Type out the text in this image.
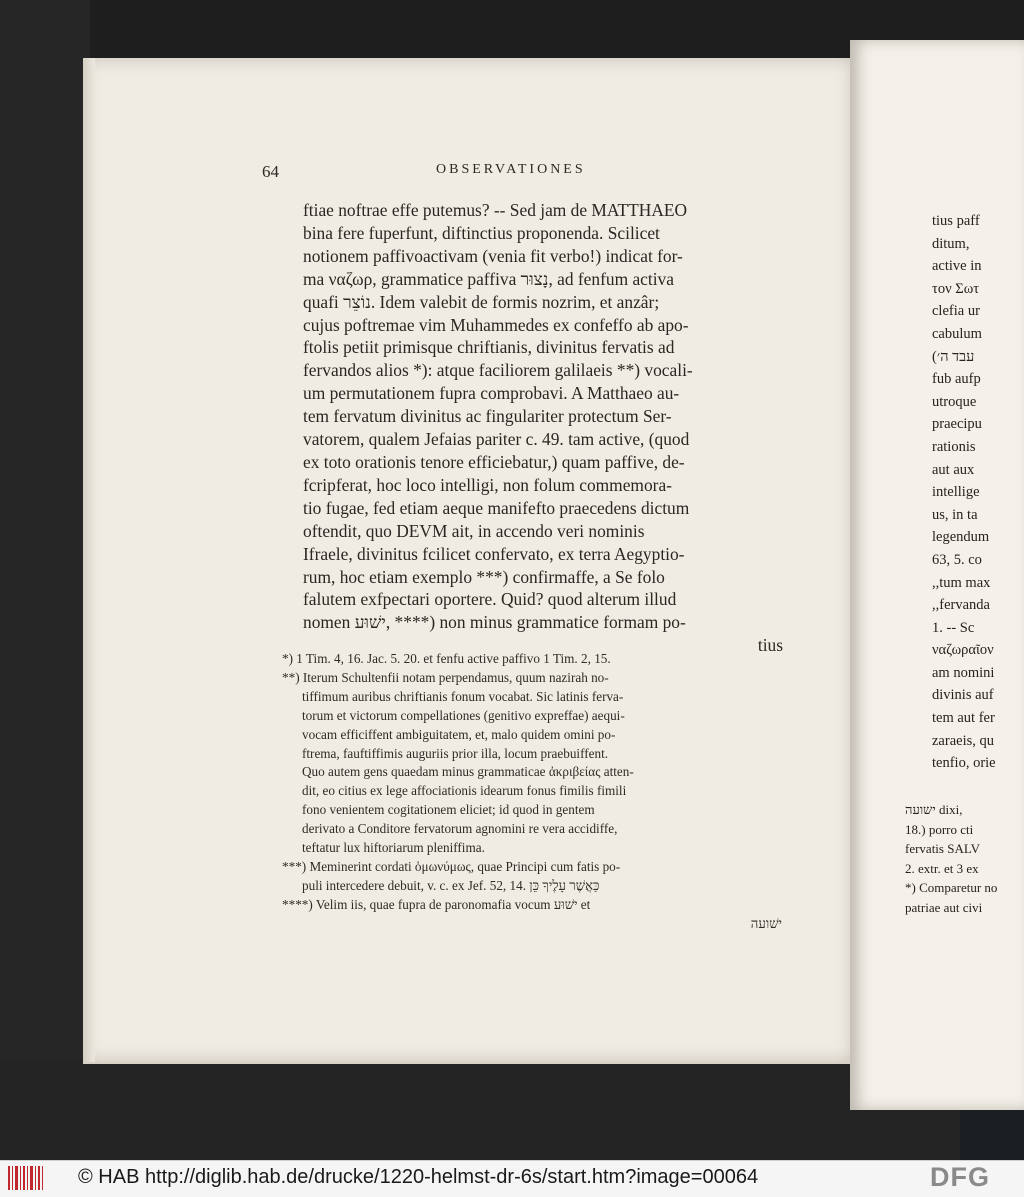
64	OBSERVATIONES
ftiae noftrae effe putemus? -- Sed jam de MATTHAEO
bina fere fuperfunt, diftinctius proponenda. Scilicet
notionem paffivoactivam (venia fit verbo!) indicat for-
ma ναζωρ, grammatice paffiva נָצוּר, ad fenfum activa
quafi נוֹצֵר. Idem valebit de formis nozrim, et anzâr;
cujus poftremae vim Muhammedes ex confeffo ab apo-
ftolis petiit primisque chriftianis, divinitus fervatis ad
fervandos alios *): atque faciliorem galilaeis **) vocali-
um permutationem fupra comprobavi. A Matthaeo au-
tem fervatum divinitus ac fingulariter protectum Ser-
vatorem, qualem Jefaias pariter c. 49. tam active, (quod
ex toto orationis tenore efficiebatur,) quam paffive, de-
fcripferat, hoc loco intelligi, non folum commemora-
tio fugae, fed etiam aeque manifefto praecedens dictum
oftendit, quo DEVM ait, in accendo veri nominis
Ifraele, divinitus fcilicet confervato, ex terra Aegyptio-
rum, hoc etiam exemplo ***) confirmaffe, a Se folo
falutem exfpectari oportere. Quid? quod alterum illud
nomen ישׁוּע, ****) non minus grammatice formam po-
tius
*) 1 Tim. 4, 16. Jac. 5. 20. et fenfu active paffivo 1 Tim. 2, 15.
**) Iterum Schultenfii notam perpendamus, quum nazirah no-
tiffimum auribus chriftianis fonum vocabat. Sic latinis ferva-
torum et victorum compellationes (genitivo expreffae) aequi-
vocam efficiffent ambiguitatem, et, malo quidem omini po-
ftrema, fauftiffimis auguriis prior illa, locum praebuiffent.
Quo autem gens quaedam minus grammaticae ἀκριβείας atten-
dit, eo citius ex lege affociationis idearum fonus fimilis fimili
fono venientem cogitationem eliciet; id quod in gentem
derivato a Conditore fervatorum agnomini re vera accidiffe,
teftatur lux hiftoriarum pleniffima.
***) Meminerint cordati ὁμωνύμως, quae Principi cum fatis po-
puli intercedere debuit, v. c. ex Jef. 52, 14. כַּאֲשֶׁר עָלֶיךָ כֵּן
****) Velim iis, quae fupra de paronomafia vocum ישׁוּע et
ישׁועה
tius paff
ditum,
active in
τον Σωτ
clefia ur
cabulum
(עבד ה׳
fub aufp
utroque
praecipu
rationis
aut aux
intellige
us, in ta
legendum
63, 5. co
,,tum max
,,fervanda
1. -- Sc
ναζωραῖον
am nomini
divinis auf
tem aut fer
zaraeis, qu
tenfio, orie
ישועה dixi,
18.) porro cti
fervatis SALV
2. extr. et 3 ex
*) Comparetur no
patriae aut civi
© HAB http://diglib.hab.de/drucke/1220-helmst-dr-6s/start.htm?image=00064	DFG
